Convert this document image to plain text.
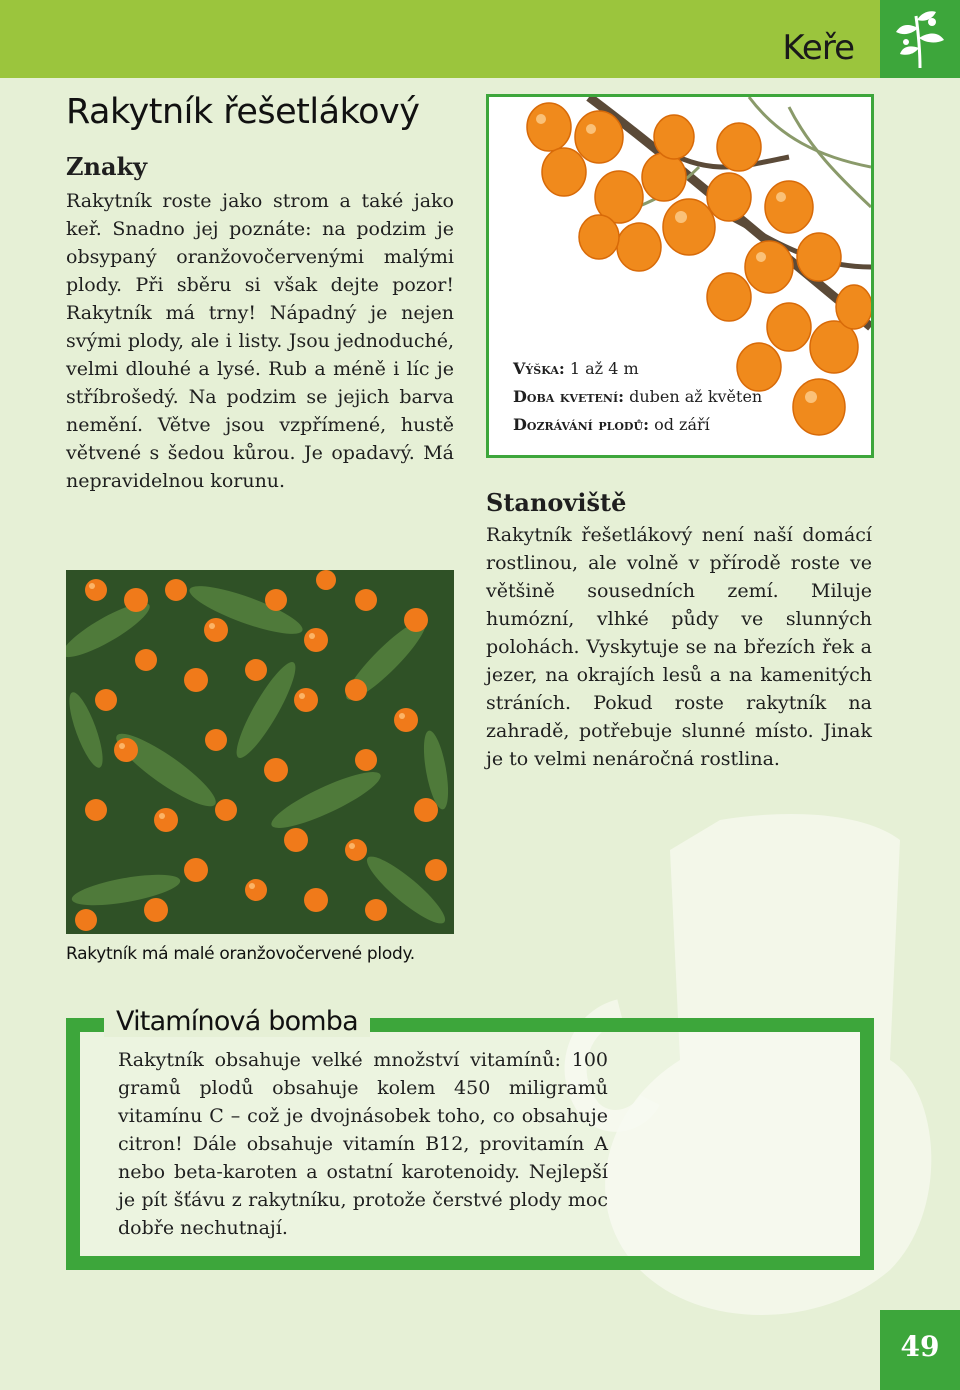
Keře
Rakytník řešetlákový
Znaky

Rakytník roste jako strom a také jako keř. Snadno jej poznáte: na podzim je obsypaný oranžovočervenými malými plody. Při sběru si však dejte pozor! Rakytník má trny! Nápadný je nejen svými plody, ale i listy. Jsou jednoduché, velmi dlouhé a lysé. Rub a méně i líc je stříbrošedý. Na podzim se jejich barva nemění. Větve jsou vzpřímené, hustě větvené s šedou kůrou. Je opadavý. Má nepravidelnou korunu.

Výška: 1 až 4 m
Doba kvetení: duben až květen
Dozrávání plodů: od září
Stanoviště

Rakytník řešetlákový není naší domácí rostlinou, ale volně v přírodě roste ve většině sousedních zemí. Miluje humózní, vlhké půdy ve slunných polohách. Vyskytuje se na březích řek a jezer, na okrajích lesů a na kamenitých stráních. Pokud roste rakytník na zahradě, potřebuje slunné místo. Jinak je to velmi nenáročná rostlina.

Rakytník má malé oranžovočervené plody.
Vitamínová bomba

Rakytník obsahuje velké množství vitamínů: 100 gramů plodů obsahuje kolem 450 miligramů vitamínu C – což je dvojnásobek toho, co obsahuje citron! Dále obsahuje vitamín B12, provitamín A nebo beta-karoten a ostatní karotenoidy. Nejlepší je pít šťávu z rakytníku, protože čerstvé plody moc dobře nechutnají.

49
